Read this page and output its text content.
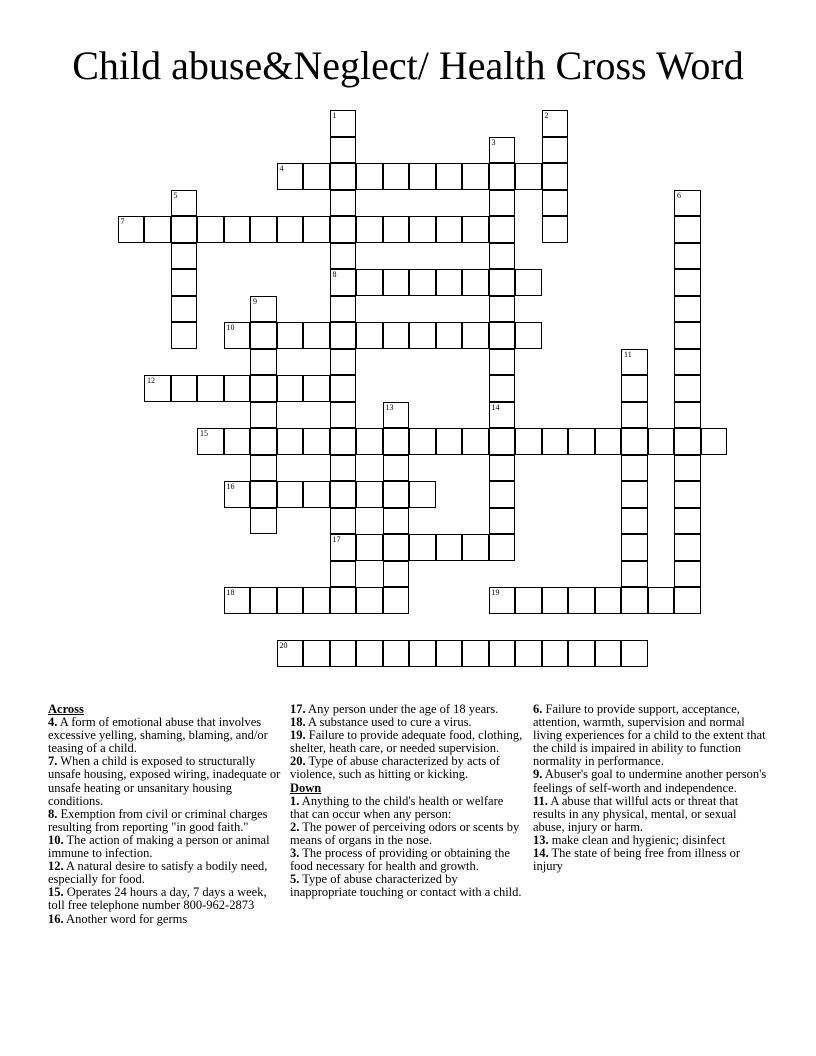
Child abuse&Neglect/ Health Cross Word
1
8
17
2
3
4
5	6
7
9
10
11
12
13	14
15
16
18	19
20

Across

4. A form of emotional abuse that involves excessive yelling, shaming, blaming, and/or teasing of a child.

7. When a child is exposed to structurally unsafe housing, exposed wiring, inadequate or unsafe heating or unsanitary housing conditions.

8. Exemption from civil or criminal charges resulting from reporting "in good faith."

10. The action of making a person or animal immune to infection.

12. A natural desire to satisfy a bodily need, especially for food.

15. Operates 24 hours a day, 7 days a week, toll free telephone number 800-962-2873

16. Another word for germs

17. Any person under the age of 18 years.

18. A substance used to cure a virus.

19. Failure to provide adequate food, clothing, shelter, heath care, or needed supervision.

20. Type of abuse characterized by acts of violence, such as hitting or kicking.

Down

1. Anything to the child's health or welfare that can occur when any person:

2. The power of perceiving odors or scents by means of organs in the nose.

3. The process of providing or obtaining the food necessary for health and growth.

5. Type of abuse characterized by inappropriate touching or contact with a child.

6. Failure to provide support, acceptance, attention, warmth, supervision and normal living experiences for a child to the extent that the child is impaired in ability to function normality in performance.

9. Abuser's goal to undermine another person's feelings of self-worth and independence.

11. A abuse that willful acts or threat that results in any physical, mental, or sexual abuse, injury or harm.

13. make clean and hygienic; disinfect

14. The state of being free from illness or injury
